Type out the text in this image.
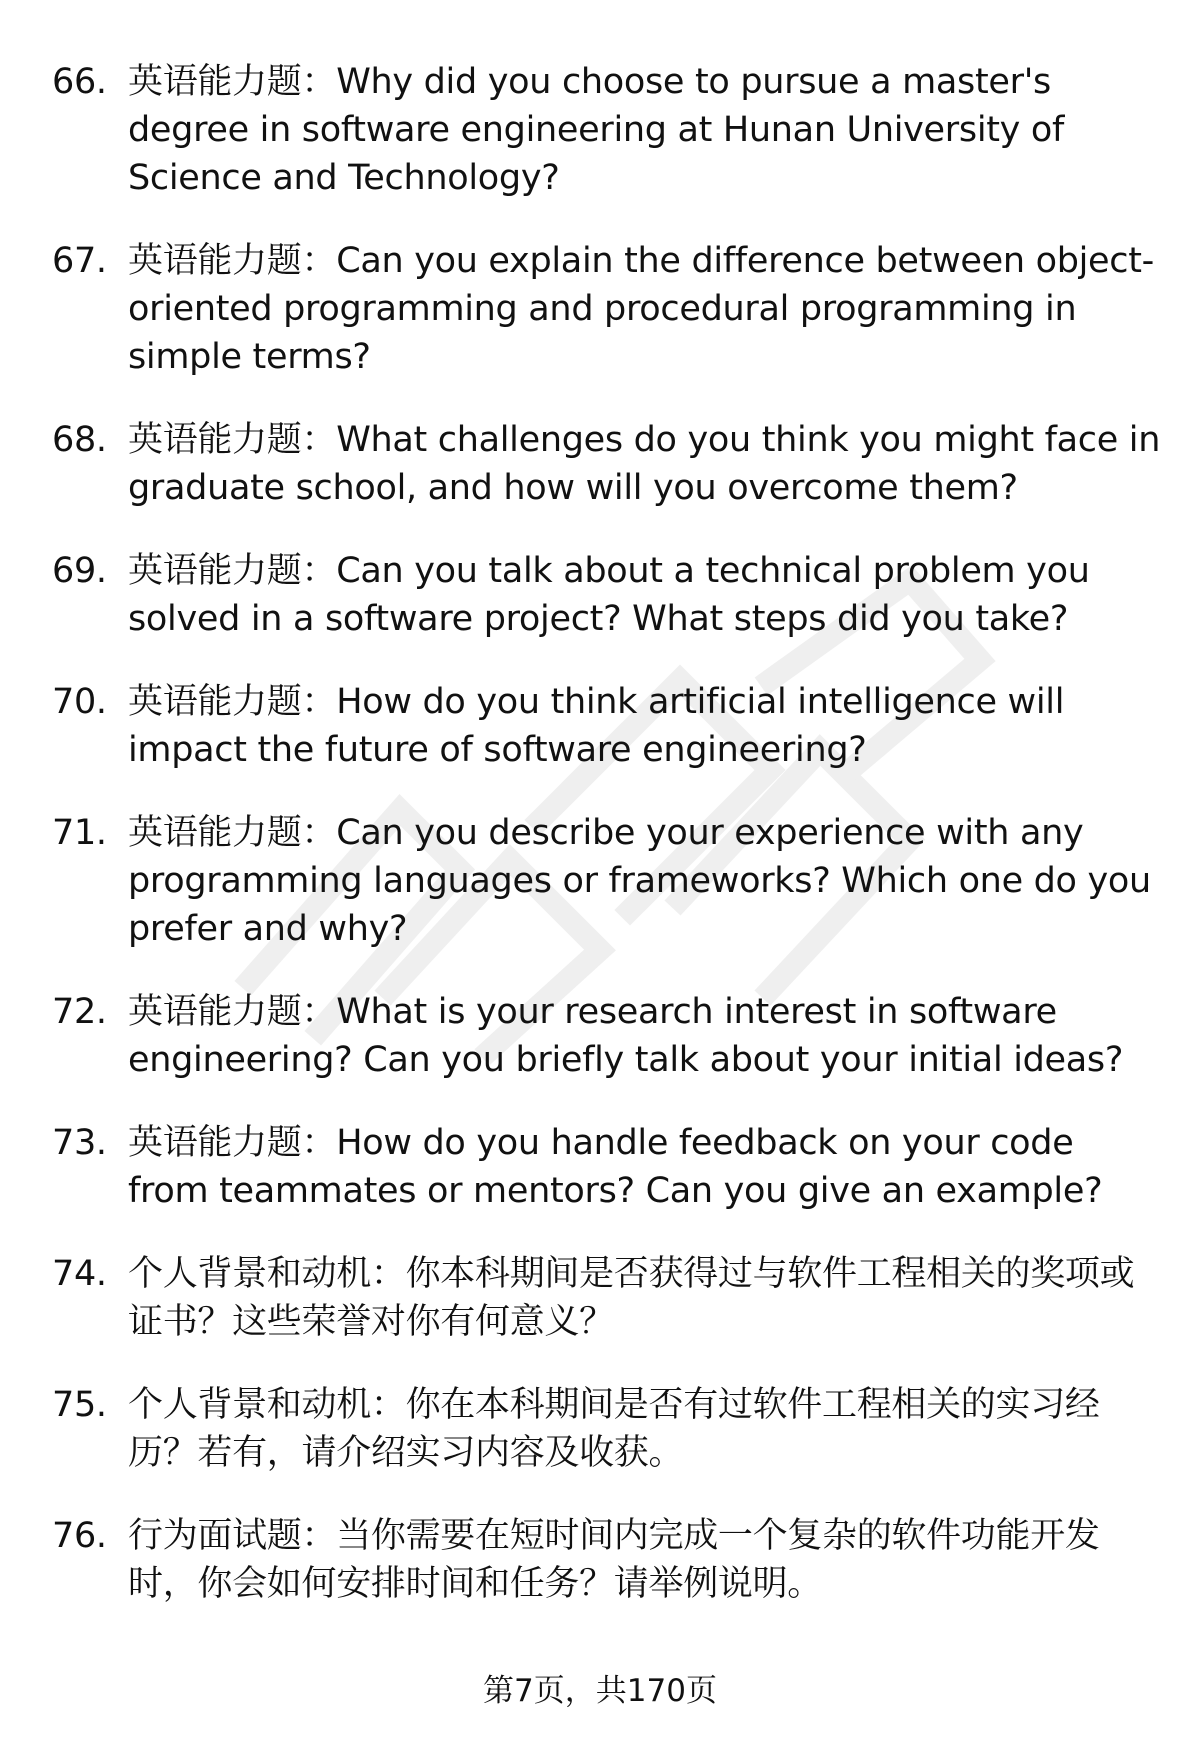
66. 英语能力题：Why did you choose to pursue a master's degree in software engineering at Hunan University of Science and Technology?
67. 英语能力题：Can you explain the difference between object-oriented programming and procedural programming in simple terms?
68. 英语能力题：What challenges do you think you might face in graduate school, and how will you overcome them?
69. 英语能力题：Can you talk about a technical problem you solved in a software project? What steps did you take?
70. 英语能力题：How do you think artificial intelligence will impact the future of software engineering?
71. 英语能力题：Can you describe your experience with any programming languages or frameworks? Which one do you prefer and why?
72. 英语能力题：What is your research interest in software engineering? Can you briefly talk about your initial ideas?
73. 英语能力题：How do you handle feedback on your code from teammates or mentors? Can you give an example?
74. 个人背景和动机：你本科期间是否获得过与软件工程相关的奖项或证书？这些荣誉对你有何意义？
75. 个人背景和动机：你在本科期间是否有过软件工程相关的实习经历？若有，请介绍实习内容及收获。
76. 行为面试题：当你需要在短时间内完成一个复杂的软件功能开发时，你会如何安排时间和任务？请举例说明。
第7页，共170页
